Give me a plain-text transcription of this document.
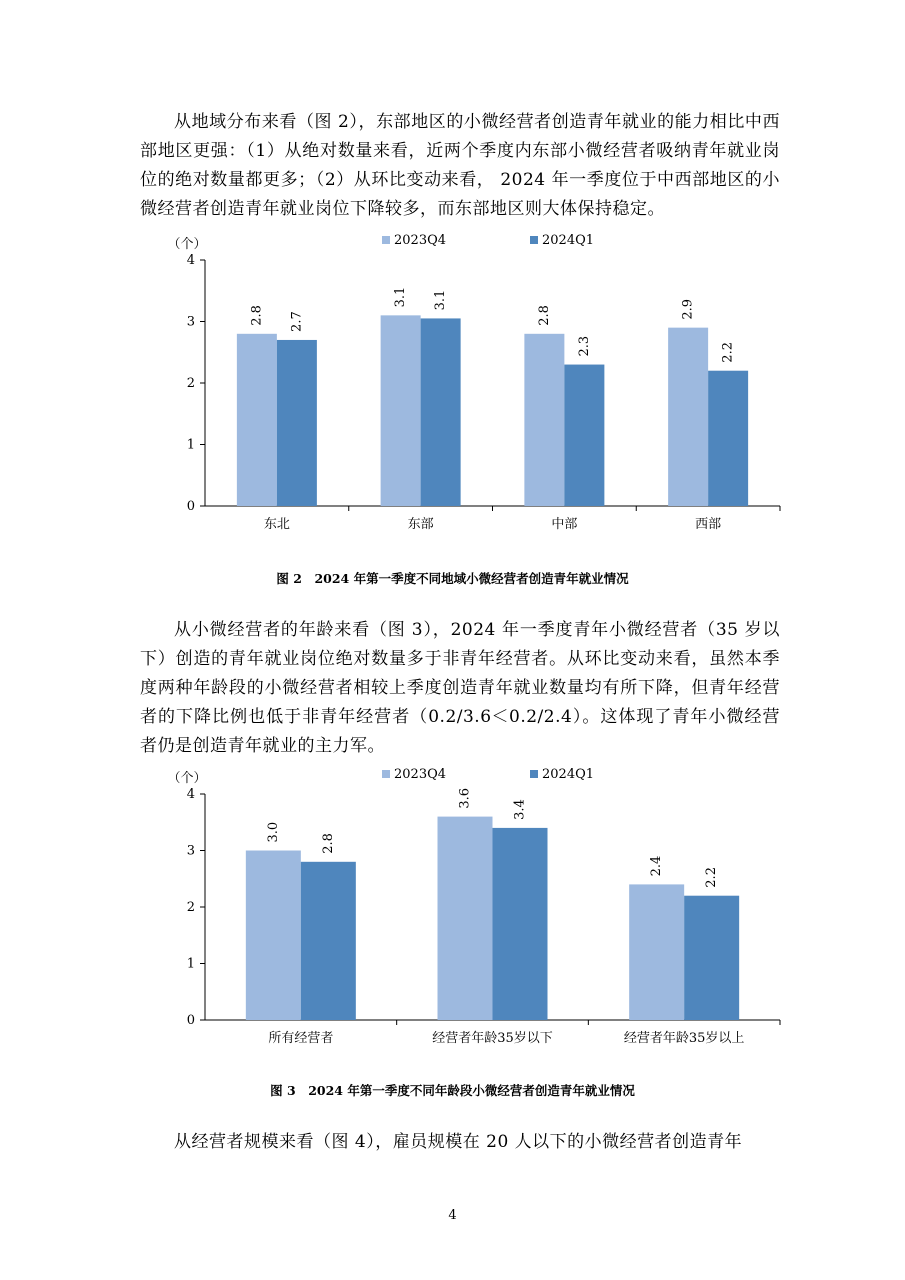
从地域分布来看（图 2），东部地区的小微经营者创造青年就业的能力相比中西部地区更强：（1）从绝对数量来看，近两个季度内东部小微经营者吸纳青年就业岗位的绝对数量都更多；（2）从环比变动来看， 2024 年一季度位于中西部地区的小微经营者创造青年就业岗位下降较多，而东部地区则大体保持稳定。

（个）	2023Q4	2024Q1
0
1
2
3
4
东北
2.8 2.7
东部
3.1 3.1
中部
2.8
2.3
西部
2.9
2.2
图 2　2024 年第一季度不同地域小微经营者创造青年就业情况

从小微经营者的年龄来看（图 3），2024 年一季度青年小微经营者（35 岁以下）创造的青年就业岗位绝对数量多于非青年经营者。从环比变动来看，虽然本季度两种年龄段的小微经营者相较上季度创造青年就业数量均有所下降，但青年经营者的下降比例也低于非青年经营者（0.2/3.6＜0.2/2.4）。这体现了青年小微经营者仍是创造青年就业的主力军。

（个）	2023Q4	2024Q1
0
1
2
3
4
所有经营者
3.0
2.8
经营者年龄35岁以下
3.6
3.4
经营者年龄35岁以上
2.4
2.2
图 3　2024 年第一季度不同年龄段小微经营者创造青年就业情况

从经营者规模来看（图 4），雇员规模在 20 人以下的小微经营者创造青年

4
